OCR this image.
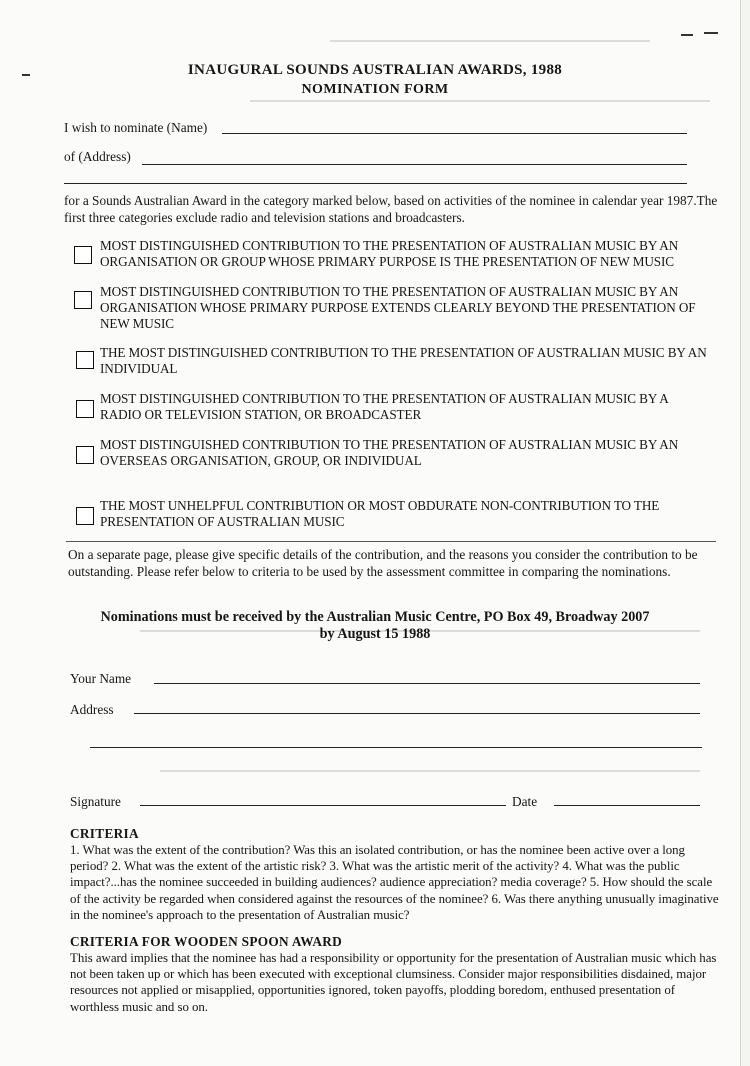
INAUGURAL SOUNDS AUSTRALIAN AWARDS, 1988
NOMINATION FORM
I wish to nominate (Name)
of (Address)
for a Sounds Australian Award in the category marked below, based on activities of the nominee in calendar year 1987.The first three categories exclude radio and television stations and broadcasters.
MOST DISTINGUISHED CONTRIBUTION TO THE PRESENTATION OF AUSTRALIAN MUSIC BY AN ORGANISATION OR GROUP WHOSE PRIMARY PURPOSE IS THE PRESENTATION OF NEW MUSIC
MOST DISTINGUISHED CONTRIBUTION TO THE PRESENTATION OF AUSTRALIAN MUSIC BY AN ORGANISATION WHOSE PRIMARY PURPOSE EXTENDS CLEARLY BEYOND THE PRESENTATION OF NEW MUSIC
THE MOST DISTINGUISHED CONTRIBUTION TO THE PRESENTATION OF AUSTRALIAN MUSIC BY AN INDIVIDUAL
MOST DISTINGUISHED CONTRIBUTION TO THE PRESENTATION OF AUSTRALIAN MUSIC BY A RADIO OR TELEVISION STATION, OR BROADCASTER
MOST DISTINGUISHED CONTRIBUTION TO THE PRESENTATION OF AUSTRALIAN MUSIC BY AN OVERSEAS ORGANISATION, GROUP, OR INDIVIDUAL
THE MOST UNHELPFUL CONTRIBUTION OR MOST OBDURATE NON-CONTRIBUTION TO THE PRESENTATION OF AUSTRALIAN MUSIC
On a separate page, please give specific details of the contribution, and the reasons you consider the contribution to be outstanding. Please refer below to criteria to be used by the assessment committee in comparing the nominations.
Nominations must be received by the Australian Music Centre, PO Box 49, Broadway 2007
by August 15 1988
Your Name
Address
Signature	Date
CRITERIA
1. What was the extent of the contribution? Was this an isolated contribution, or has the nominee been active over a long period? 2. What was the extent of the artistic risk? 3. What was the artistic merit of the activity? 4. What was the public impact?...has the nominee succeeded in building audiences? audience appreciation? media coverage? 5. How should the scale of the activity be regarded when considered against the resources of the nominee? 6. Was there anything unusually imaginative in the nominee's approach to the presentation of Australian music?
CRITERIA FOR WOODEN SPOON AWARD
This award implies that the nominee has had a responsibility or opportunity for the presentation of Australian music which has not been taken up or which has been executed with exceptional clumsiness. Consider major responsibilities disdained, major resources not applied or misapplied, opportunities ignored, token payoffs, plodding boredom, enthused presentation of worthless music and so on.
